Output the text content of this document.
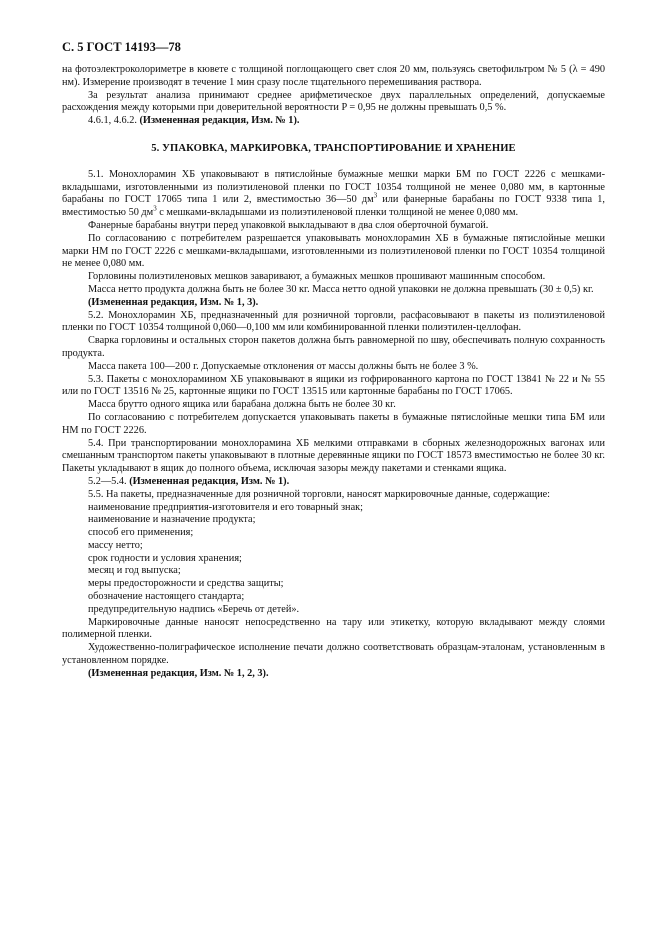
С. 5 ГОСТ 14193—78

на фотоэлектроколориметре в кювете с толщиной поглощающего свет слоя 20 мм, пользуясь светофильтром № 5 (λ = 490 нм). Измерение производят в течение 1 мин сразу после тщательного перемешивания раствора.

За результат анализа принимают среднее арифметическое двух параллельных определений, допускаемые расхождения между которыми при доверительной вероятности P = 0,95 не должны превышать 0,5 %.

4.6.1, 4.6.2. (Измененная редакция, Изм. № 1).

5. УПАКОВКА, МАРКИРОВКА, ТРАНСПОРТИРОВАНИЕ И ХРАНЕНИЕ

5.1. Монохлорамин ХБ упаковывают в пятислойные бумажные мешки марки БМ по ГОСТ 2226 с мешками-вкладышами, изготовленными из полиэтиленовой пленки по ГОСТ 10354 толщиной не менее 0,080 мм, в картонные барабаны по ГОСТ 17065 типа 1 или 2, вместимостью 36—50 $дм^3$ или фанерные барабаны по ГОСТ 9338 типа 1, вместимостью 50 $дм^3$ с мешками-вкладышами из полиэтиленовой пленки толщиной не менее 0,080 мм.

Фанерные барабаны внутри перед упаковкой выкладывают в два слоя оберточной бумагой.

По согласованию с потребителем разрешается упаковывать монохлорамин ХБ в бумажные пятислойные мешки марки НМ по ГОСТ 2226 с мешками-вкладышами, изготовленными из полиэтиленовой пленки по ГОСТ 10354 толщиной не менее 0,080 мм.

Горловины полиэтиленовых мешков заваривают, а бумажных мешков прошивают машинным способом.

Масса нетто продукта должна быть не более 30 кг. Масса нетто одной упаковки не должна превышать (30 ± 0,5) кг.

(Измененная редакция, Изм. № 1, 3).

5.2. Монохлорамин ХБ, предназначенный для розничной торговли, расфасовывают в пакеты из полиэтиленовой пленки по ГОСТ 10354 толщиной 0,060—0,100 мм или комбинированной пленки полиэтилен-целлофан.

Сварка горловины и остальных сторон пакетов должна быть равномерной по шву, обеспечивать полную сохранность продукта.

Масса пакета 100—200 г. Допускаемые отклонения от массы должны быть не более 3 %.

5.3. Пакеты с монохлорамином ХБ упаковывают в ящики из гофрированного картона по ГОСТ 13841 № 22 и № 55 или по ГОСТ 13516 № 25, картонные ящики по ГОСТ 13515 или картонные барабаны по ГОСТ 17065.

Масса брутто одного ящика или барабана должна быть не более 30 кг.

По согласованию с потребителем допускается упаковывать пакеты в бумажные пятислойные мешки типа БМ или НМ по ГОСТ 2226.

5.4. При транспортировании монохлорамина ХБ мелкими отправками в сборных железнодорожных вагонах или смешанным транспортом пакеты упаковывают в плотные деревянные ящики по ГОСТ 18573 вместимостью не более 30 кг. Пакеты укладывают в ящик до полного объема, исключая зазоры между пакетами и стенками ящика.

5.2—5.4. (Измененная редакция, Изм. № 1).

5.5. На пакеты, предназначенные для розничной торговли, наносят маркировочные данные, содержащие:

наименование предприятия-изготовителя и его товарный знак;

наименование и назначение продукта;

способ его применения;

массу нетто;

срок годности и условия хранения;

месяц и год выпуска;

меры предосторожности и средства защиты;

обозначение настоящего стандарта;

предупредительную надпись «Беречь от детей».

Маркировочные данные наносят непосредственно на тару или этикетку, которую вкладывают между слоями полимерной пленки.

Художественно-полиграфическое исполнение печати должно соответствовать образцам-эталонам, установленным в установленном порядке.

(Измененная редакция, Изм. № 1, 2, 3).
